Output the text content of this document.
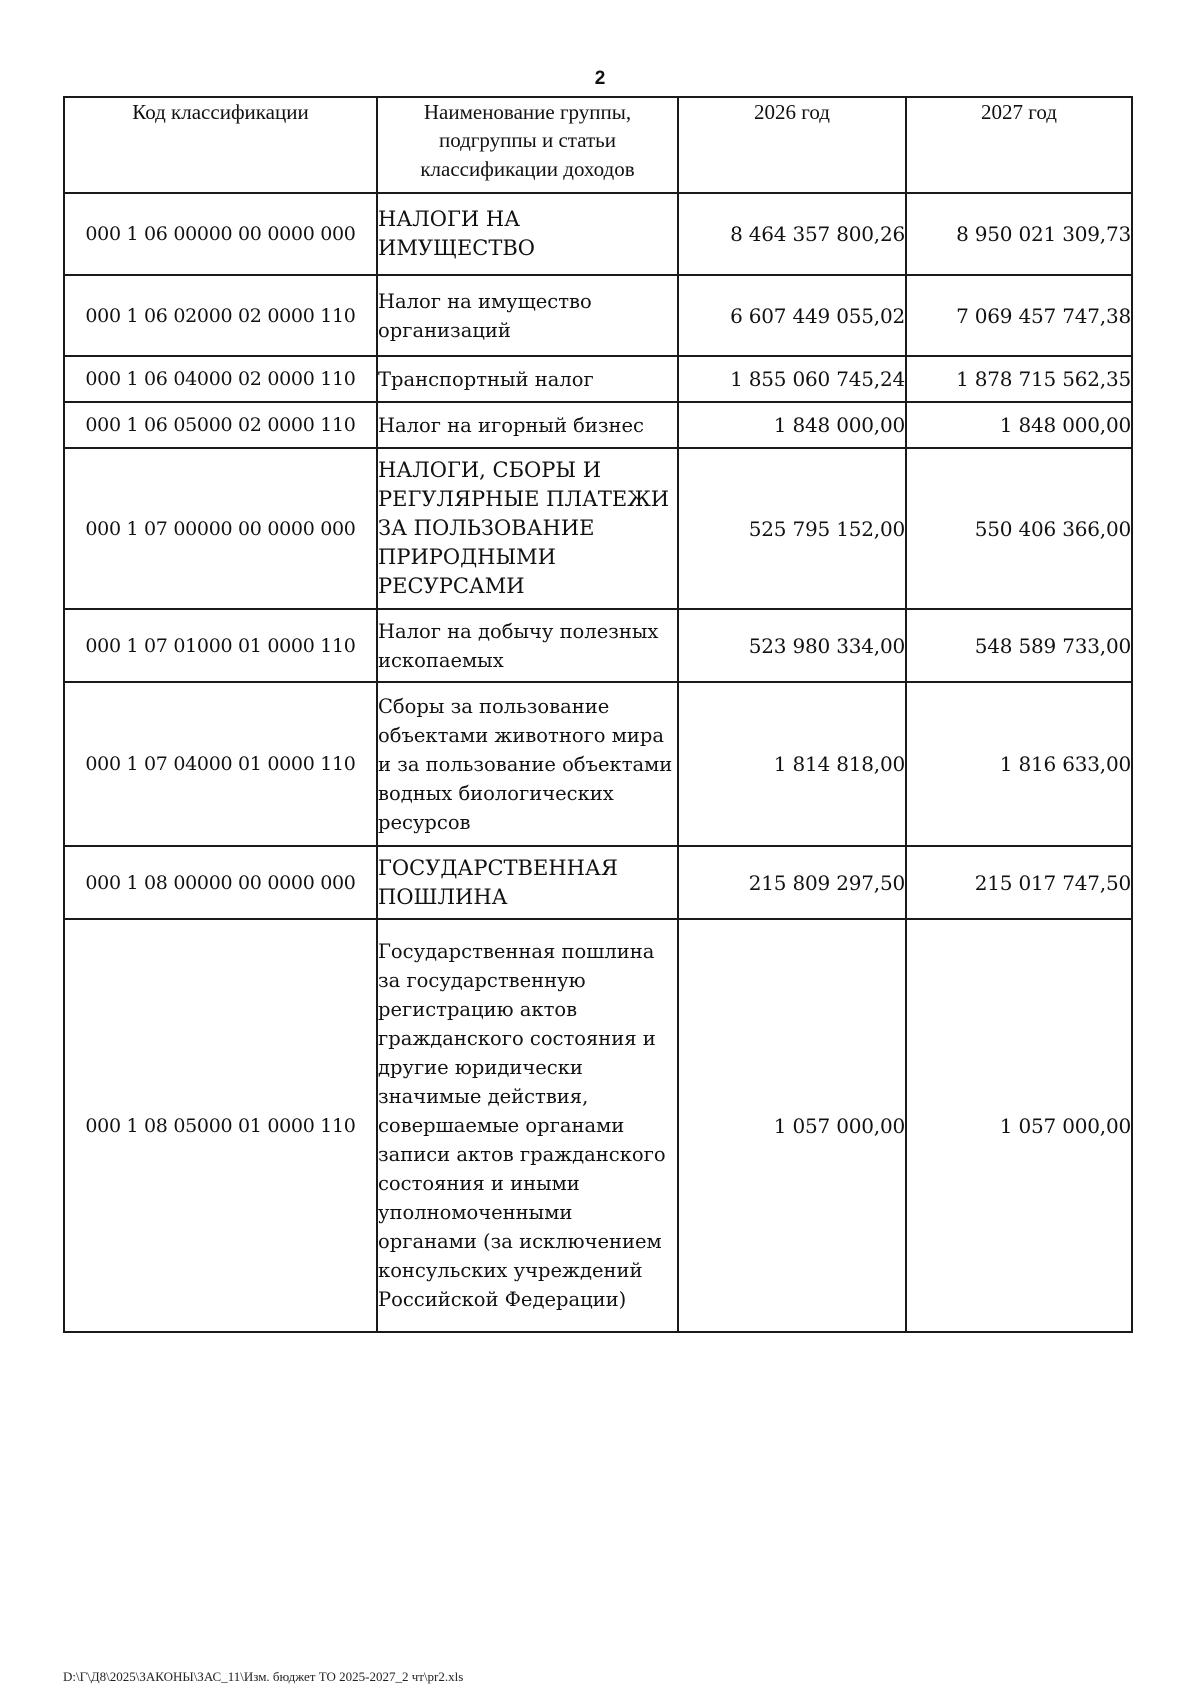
2
Код классификации	Наименование группы, подгруппы и статьи классификации доходов	2026 год	2027 год
000 1 06 00000 00 0000 000	НАЛОГИ НА ИМУЩЕСТВО	8 464 357 800,26	8 950 021 309,73
000 1 06 02000 02 0000 110	Налог на имущество организаций	6 607 449 055,02	7 069 457 747,38
000 1 06 04000 02 0000 110	Транспортный налог	1 855 060 745,24	1 878 715 562,35
000 1 06 05000 02 0000 110	Налог на игорный бизнес	1 848 000,00	1 848 000,00
000 1 07 00000 00 0000 000	НАЛОГИ, СБОРЫ И РЕГУЛЯРНЫЕ ПЛАТЕЖИ ЗА ПОЛЬЗОВАНИЕ ПРИРОДНЫМИ РЕСУРСАМИ	525 795 152,00	550 406 366,00
000 1 07 01000 01 0000 110	Налог на добычу полезных ископаемых	523 980 334,00	548 589 733,00
000 1 07 04000 01 0000 110	Сборы за пользование объектами животного мира и за пользование объектами водных биологических ресурсов	1 814 818,00	1 816 633,00
000 1 08 00000 00 0000 000	ГОСУДАРСТВЕННАЯ ПОШЛИНА	215 809 297,50	215 017 747,50
000 1 08 05000 01 0000 110	Государственная пошлина за государственную регистрацию актов гражданского состояния и другие юридически значимые действия, совершаемые органами записи актов гражданского состояния и иными уполномоченными органами (за исключением консульских учреждений Российской Федерации)	1 057 000,00	1 057 000,00
D:\Г\Д8\2025\ЗАКОНЫ\ЗАС_11\Изм. бюджет ТО 2025-2027_2 чт\pr2.xls
